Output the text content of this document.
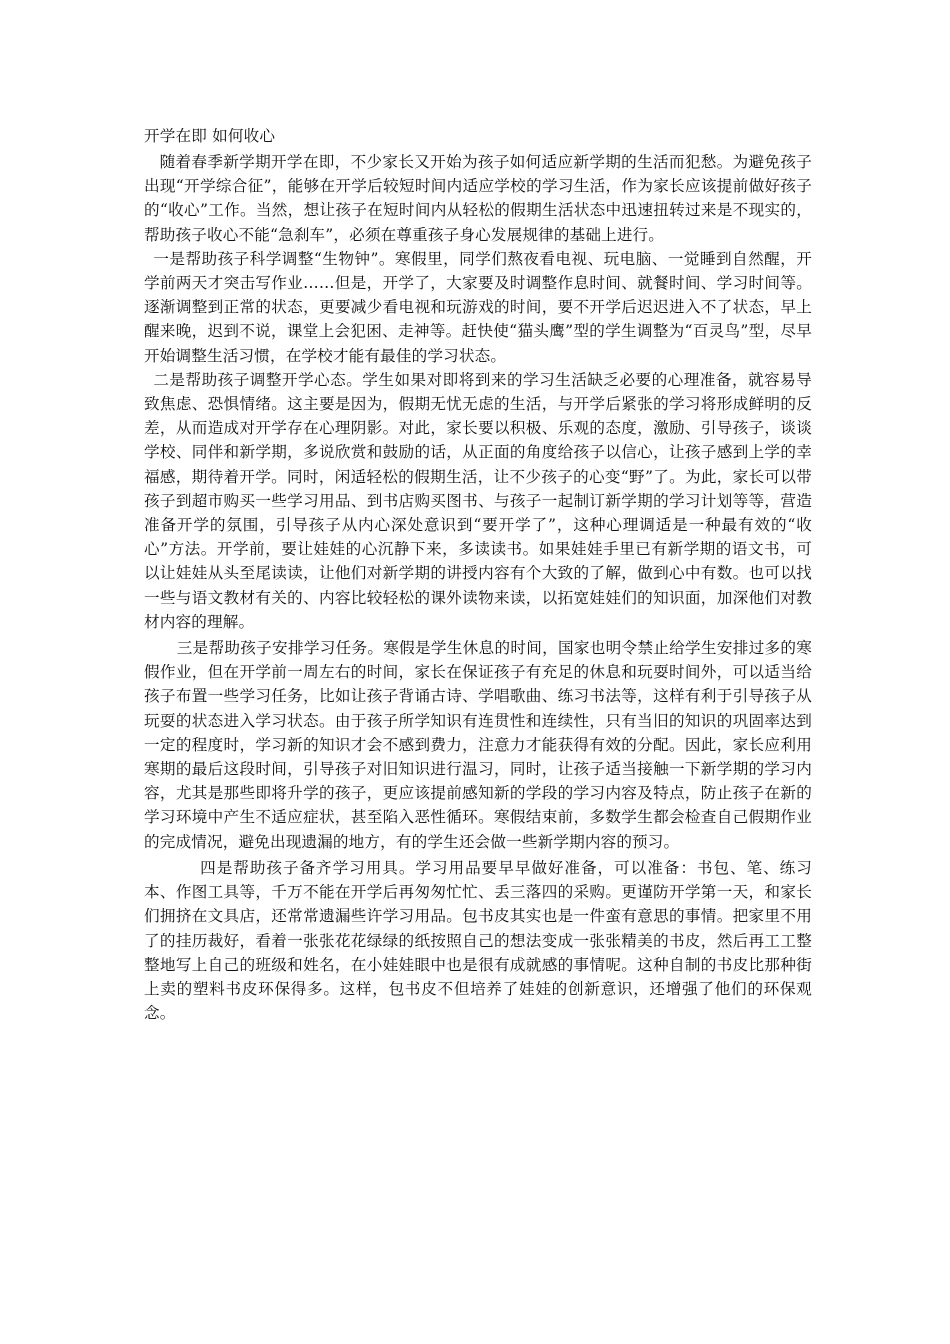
开学在即 如何收心

随着春季新学期开学在即，不少家长又开始为孩子如何适应新学期的生活而犯愁。为避免孩子出现“开学综合征”，能够在开学后较短时间内适应学校的学习生活，作为家长应该提前做好孩子的“收心”工作。当然，想让孩子在短时间内从轻松的假期生活状态中迅速扭转过来是不现实的，帮助孩子收心不能“急刹车”，必须在尊重孩子身心发展规律的基础上进行。

一是帮助孩子科学调整“生物钟”。寒假里，同学们熬夜看电视、玩电脑、一觉睡到自然醒，开学前两天才突击写作业……但是，开学了，大家要及时调整作息时间、就餐时间、学习时间等。逐渐调整到正常的状态，更要减少看电视和玩游戏的时间，要不开学后迟迟进入不了状态，早上醒来晚，迟到不说，课堂上会犯困、走神等。赶快使“猫头鹰”型的学生调整为“百灵鸟”型，尽早开始调整生活习惯，在学校才能有最佳的学习状态。

二是帮助孩子调整开学心态。学生如果对即将到来的学习生活缺乏必要的心理准备，就容易导致焦虑、恐惧情绪。这主要是因为，假期无忧无虑的生活，与开学后紧张的学习将形成鲜明的反差，从而造成对开学存在心理阴影。对此，家长要以积极、乐观的态度，激励、引导孩子，谈谈学校、同伴和新学期，多说欣赏和鼓励的话，从正面的角度给孩子以信心，让孩子感到上学的幸福感，期待着开学。同时，闲适轻松的假期生活，让不少孩子的心变“野”了。为此，家长可以带孩子到超市购买一些学习用品、到书店购买图书、与孩子一起制订新学期的学习计划等等，营造准备开学的氛围，引导孩子从内心深处意识到“要开学了”，这种心理调适是一种最有效的“收心”方法。开学前，要让娃娃的心沉静下来，多读读书。如果娃娃手里已有新学期的语文书，可以让娃娃从头至尾读读，让他们对新学期的讲授内容有个大致的了解，做到心中有数。也可以找一些与语文教材有关的、内容比较轻松的课外读物来读，以拓宽娃娃们的知识面，加深他们对教材内容的理解。

三是帮助孩子安排学习任务。寒假是学生休息的时间，国家也明令禁止给学生安排过多的寒假作业，但在开学前一周左右的时间，家长在保证孩子有充足的休息和玩耍时间外，可以适当给孩子布置一些学习任务，比如让孩子背诵古诗、学唱歌曲、练习书法等，这样有利于引导孩子从玩耍的状态进入学习状态。由于孩子所学知识有连贯性和连续性，只有当旧的知识的巩固率达到一定的程度时，学习新的知识才会不感到费力，注意力才能获得有效的分配。因此，家长应利用寒期的最后这段时间，引导孩子对旧知识进行温习，同时，让孩子适当接触一下新学期的学习内容，尤其是那些即将升学的孩子，更应该提前感知新的学段的学习内容及特点，防止孩子在新的学习环境中产生不适应症状，甚至陷入恶性循环。寒假结束前，多数学生都会检查自己假期作业的完成情况，避免出现遗漏的地方，有的学生还会做一些新学期内容的预习。

四是帮助孩子备齐学习用具。学习用品要早早做好准备，可以准备：书包、笔、练习本、作图工具等，千万不能在开学后再匆匆忙忙、丢三落四的采购。更谨防开学第一天，和家长们拥挤在文具店，还常常遗漏些许学习用品。包书皮其实也是一件蛮有意思的事情。把家里不用了的挂历裁好，看着一张张花花绿绿的纸按照自己的想法变成一张张精美的书皮，然后再工工整整地写上自己的班级和姓名，在小娃娃眼中也是很有成就感的事情呢。这种自制的书皮比那种街上卖的塑料书皮环保得多。这样，包书皮不但培养了娃娃的创新意识，还增强了他们的环保观念。
